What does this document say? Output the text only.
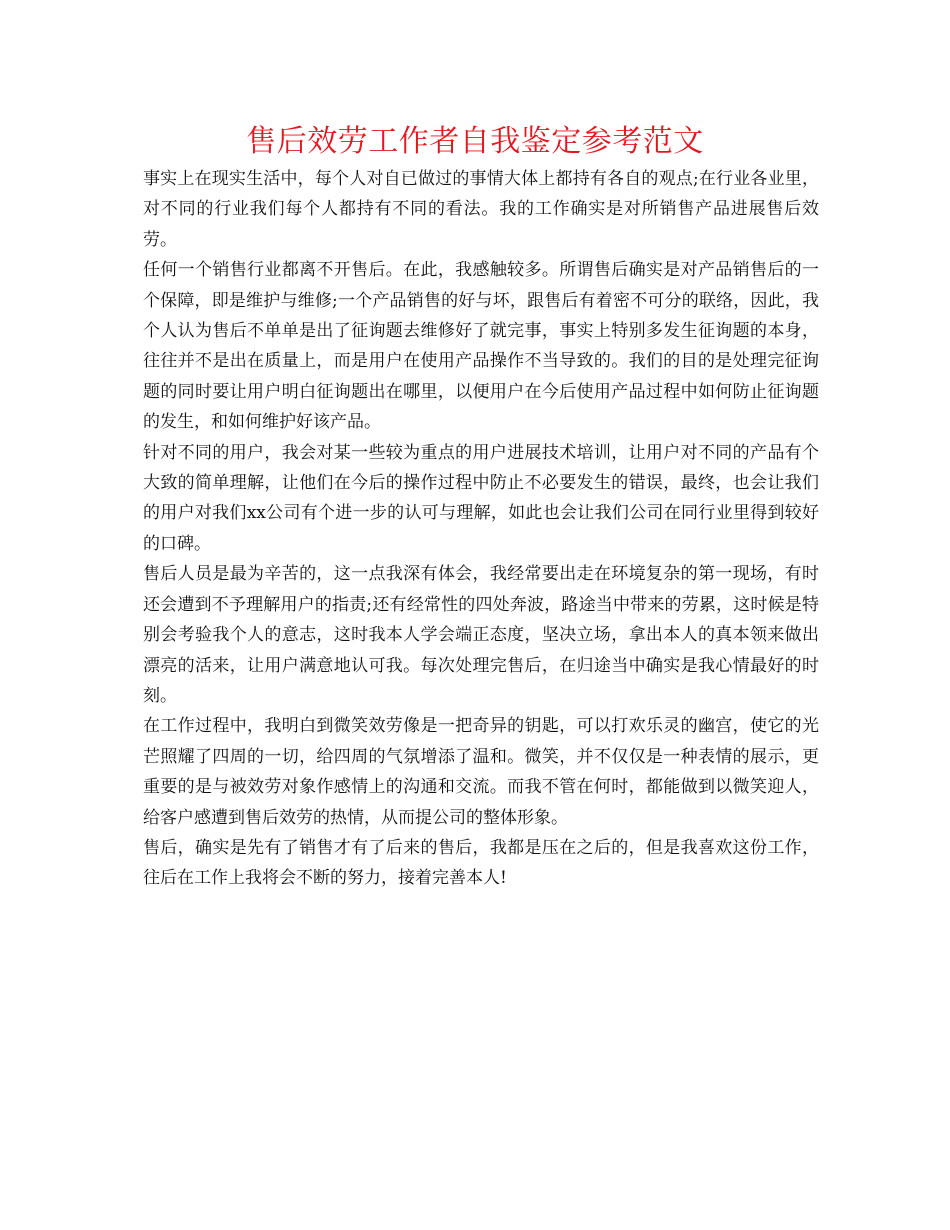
售后效劳工作者自我鉴定参考范文

事实上在现实生活中，每个人对自已做过的事情大体上都持有各自的观点;在行业各业里，对不同的行业我们每个人都持有不同的看法。我的工作确实是对所销售产品进展售后效劳。

任何一个销售行业都离不开售后。在此，我感触较多。所谓售后确实是对产品销售后的一个保障，即是维护与维修;一个产品销售的好与坏，跟售后有着密不可分的联络，因此，我个人认为售后不单单是出了征询题去维修好了就完事，事实上特别多发生征询题的本身，往往并不是出在质量上，而是用户在使用产品操作不当导致的。我们的目的是处理完征询题的同时要让用户明白征询题出在哪里，以便用户在今后使用产品过程中如何防止征询题的发生，和如何维护好该产品。

针对不同的用户，我会对某一些较为重点的用户进展技术培训，让用户对不同的产品有个大致的简单理解，让他们在今后的操作过程中防止不必要发生的错误，最终，也会让我们的用户对我们xx公司有个进一步的认可与理解，如此也会让我们公司在同行业里得到较好的口碑。

售后人员是最为辛苦的，这一点我深有体会，我经常要出走在环境复杂的第一现场，有时还会遭到不予理解用户的指责;还有经常性的四处奔波，路途当中带来的劳累，这时候是特别会考验我个人的意志，这时我本人学会端正态度，坚决立场，拿出本人的真本领来做出漂亮的活来，让用户满意地认可我。每次处理完售后，在归途当中确实是我心情最好的时刻。

在工作过程中，我明白到微笑效劳像是一把奇异的钥匙，可以打欢乐灵的幽宫，使它的光芒照耀了四周的一切，给四周的气氛增添了温和。微笑，并不仅仅是一种表情的展示，更重要的是与被效劳对象作感情上的沟通和交流。而我不管在何时，都能做到以微笑迎人，给客户感遭到售后效劳的热情，从而提公司的整体形象。

售后，确实是先有了销售才有了后来的售后，我都是压在之后的，但是我喜欢这份工作，往后在工作上我将会不断的努力，接着完善本人!
